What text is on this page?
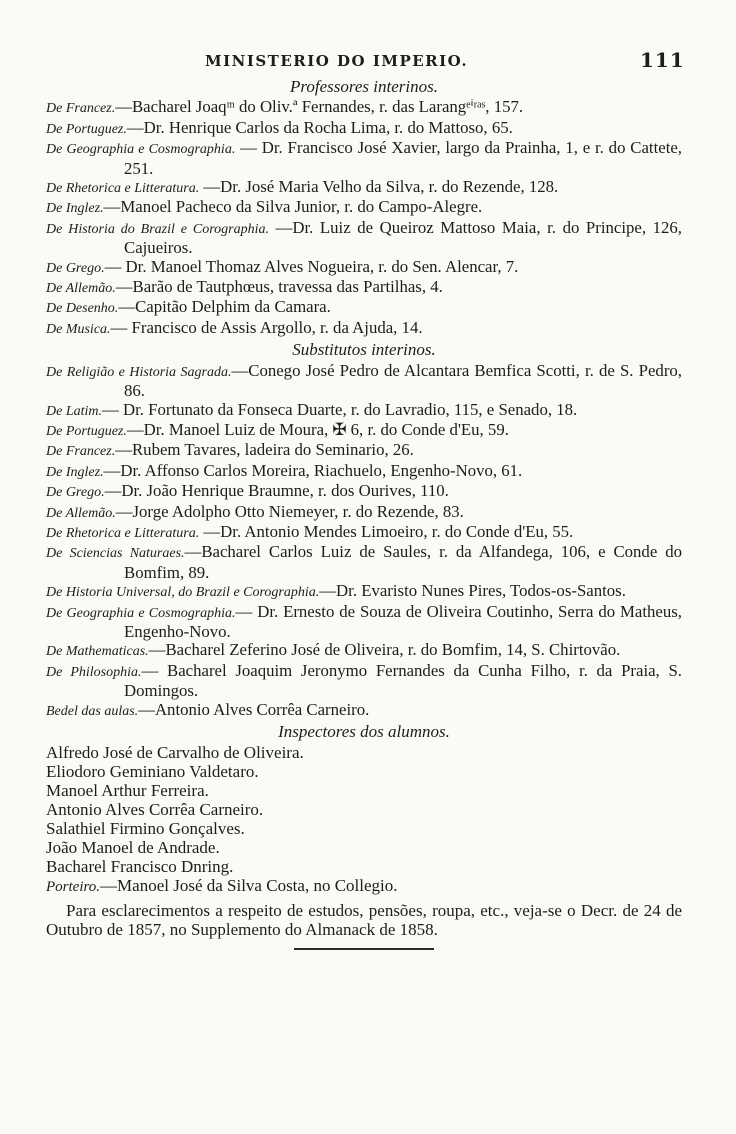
MINISTERIO DO IMPERIO.	111
Professores interinos.

De Francez.—Bacharel Joaqᵐ do Oliv.ª Fernandes, r. das Larangᵉⁱʳᵃˢ, 157.

De Portuguez.—Dr. Henrique Carlos da Rocha Lima, r. do Mattoso, 65.

De Geographia e Cosmographia. — Dr. Francisco José Xavier, largo da Prainha, 1, e r. do Cattete, 251.

De Rhetorica e Litteratura. —Dr. José Maria Velho da Silva, r. do Rezende, 128.

De Inglez.—Manoel Pacheco da Silva Junior, r. do Campo-Alegre.

De Historia do Brazil e Corographia. —Dr. Luiz de Queiroz Mattoso Maia, r. do Principe, 126, Cajueiros.

De Grego.— Dr. Manoel Thomaz Alves Nogueira, r. do Sen. Alencar, 7.

De Allemão.—Barão de Tautphœus, travessa das Partilhas, 4.

De Desenho.—Capitão Delphim da Camara.

De Musica.— Francisco de Assis Argollo, r. da Ajuda, 14.

Substitutos interinos.

De Religião e Historia Sagrada.—Conego José Pedro de Alcantara Bemfica Scotti, r. de S. Pedro, 86.

De Latim.— Dr. Fortunato da Fonseca Duarte, r. do Lavradio, 115, e Senado, 18.

De Portuguez.—Dr. Manoel Luiz de Moura, ✠ 6, r. do Conde d'Eu, 59.

De Francez.—Rubem Tavares, ladeira do Seminario, 26.

De Inglez.—Dr. Affonso Carlos Moreira, Riachuelo, Engenho-Novo, 61.

De Grego.—Dr. João Henrique Braumne, r. dos Ourives, 110.

De Allemão.—Jorge Adolpho Otto Niemeyer, r. do Rezende, 83.

De Rhetorica e Litteratura. —Dr. Antonio Mendes Limoeiro, r. do Conde d'Eu, 55.

De Sciencias Naturaes.—Bacharel Carlos Luiz de Saules, r. da Alfandega, 106, e Conde do Bomfim, 89.

De Historia Universal, do Brazil e Corographia.—Dr. Evaristo Nunes Pires, Todos-os-Santos.

De Geographia e Cosmographia.— Dr. Ernesto de Souza de Oliveira Coutinho, Serra do Matheus, Engenho-Novo.

De Mathematicas.—Bacharel Zeferino José de Oliveira, r. do Bomfim, 14, S. Chirtovão.

De Philosophia.— Bacharel Joaquim Jeronymo Fernandes da Cunha Filho, r. da Praia, S. Domingos.

Bedel das aulas.—Antonio Alves Corrêa Carneiro.

Inspectores dos alumnos.

Alfredo José de Carvalho de Oliveira.

Eliodoro Geminiano Valdetaro.

Manoel Arthur Ferreira.

Antonio Alves Corrêa Carneiro.

Salathiel Firmino Gonçalves.

João Manoel de Andrade.

Bacharel Francisco Dnring.

Porteiro.—Manoel José da Silva Costa, no Collegio.

Para esclarecimentos a respeito de estudos, pensões, roupa, etc., veja-se o Decr. de 24 de Outubro de 1857, no Supplemento do Almanack de 1858.
